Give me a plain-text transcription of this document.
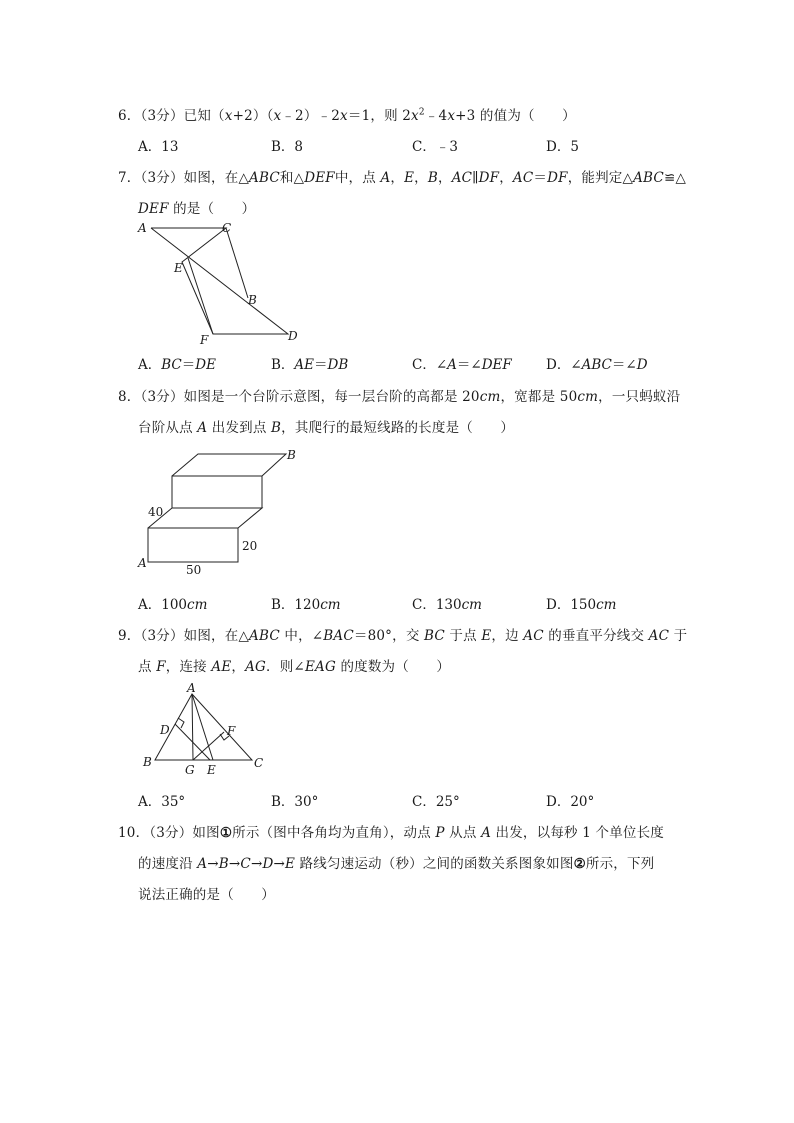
6．（3分）已知（x+2）（x﹣2）﹣2x＝1，则 $2x^2﹣4x+3$ 的值为（　　）
A．13	B．8	C．﹣3	D．5
7．（3分）如图，在△ABC和△DEF中，点 A，E，B，AC∥DF，AC＝DF，能判定△ABC≌△
DEF 的是（　　）
A	C
E
B
F	D
A．BC＝DE	B．AE＝DB	C．∠A＝∠DEF	D．∠ABC＝∠D
8．（3分）如图是一个台阶示意图，每一层台阶的高都是 20cm，宽都是 50cm，一只蚂蚁沿
台阶从点 A 出发到点 B，其爬行的最短线路的长度是（　　）
B
40
20
A	50
A．100cm	B．120cm	C．130cm	D．150cm
9．（3分）如图，在△ABC 中，∠BAC＝80°，交 BC 于点 E，边 AC 的垂直平分线交 AC 于
点 F，连接 AE，AG．则∠EAG 的度数为（　　）
A
D	F
B
G E	C
A．35°	B．30°	C．25°	D．20°
10．（3分）如图①所示（图中各角均为直角），动点 P 从点 A 出发，以每秒 1 个单位长度
的速度沿 A→B→C→D→E 路线匀速运动（秒）之间的函数关系图象如图②所示，下列
说法正确的是（　　）
